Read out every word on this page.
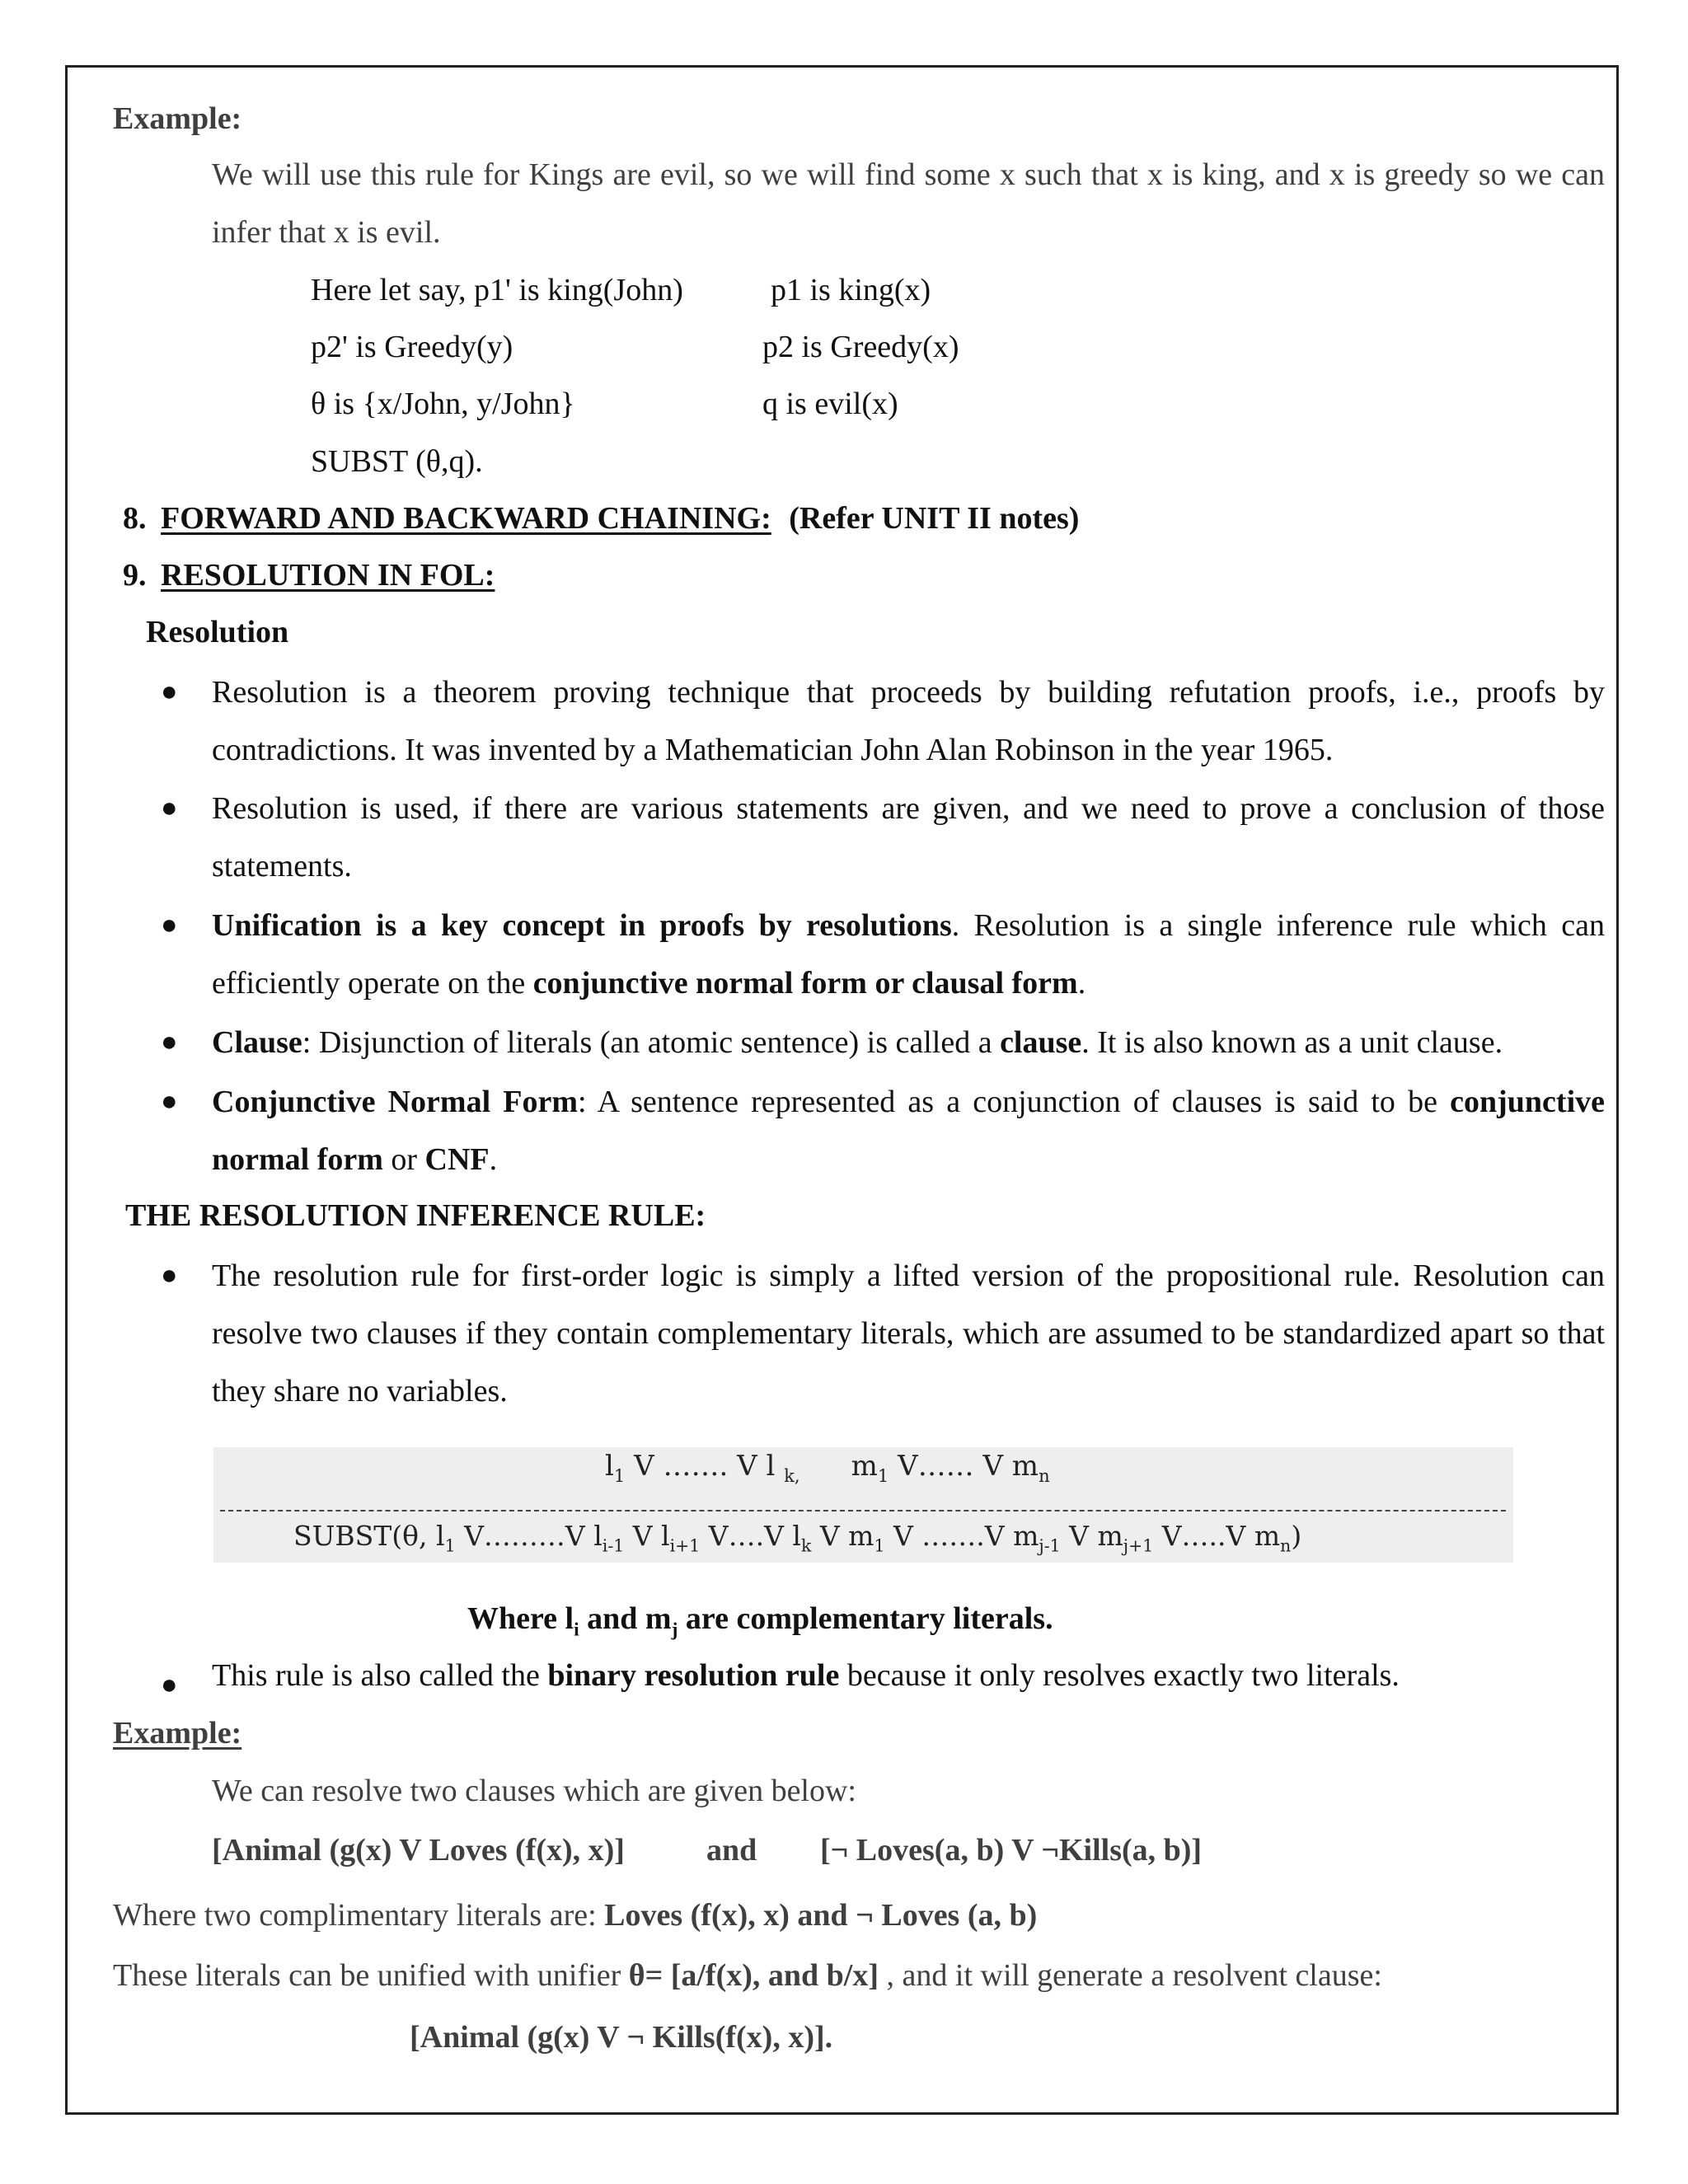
Example:
We will use this rule for Kings are evil, so we will find some x such that x is king, and x is greedy so we can infer that x is evil.
Here let say, p1' is king(John)	p1 is king(x)
p2' is Greedy(y)	p2 is Greedy(x)
θ is {x/John, y/John}	q is evil(x)
SUBST (θ,q).
8. FORWARD AND BACKWARD CHAINING: (Refer UNIT II notes)
9. RESOLUTION IN FOL:
Resolution
● Resolution is a theorem proving technique that proceeds by building refutation proofs, i.e., proofs by contradictions. It was invented by a Mathematician John Alan Robinson in the year 1965.
● Resolution is used, if there are various statements are given, and we need to prove a conclusion of those statements.
● Unification is a key concept in proofs by resolutions. Resolution is a single inference rule which can efficiently operate on the conjunctive normal form or clausal form.
● Clause: Disjunction of literals (an atomic sentence) is called a clause. It is also known as a unit clause.
● Conjunctive Normal Form: A sentence represented as a conjunction of clauses is said to be conjunctive normal form or CNF.
THE RESOLUTION INFERENCE RULE:
● The resolution rule for first-order logic is simply a lifted version of the propositional rule. Resolution can resolve two clauses if they contain complementary literals, which are assumed to be standardized apart so that they share no variables.
$l_1$ V ……. V l $_{k,}$ $m_1$ V…… V $m_n$
SUBST(θ, $l_1$ V………V $l_{i-1}$ V $l_{i+1}$ V….V $l_k$ V $m_1$ V …….V $m_{j-1}$ V $m_{j+1}$ V…..V $m_n$)
Where $l_i$ and $m_j$ are complementary literals.
● This rule is also called the binary resolution rule because it only resolves exactly two literals.
Example:
We can resolve two clauses which are given below:
[Animal (g(x) V Loves (f(x), x)]	and [¬ Loves(a, b) V ¬Kills(a, b)]
Where two complimentary literals are: Loves (f(x), x) and ¬ Loves (a, b)
These literals can be unified with unifier θ= [a/f(x), and b/x] , and it will generate a resolvent clause:
[Animal (g(x) V ¬ Kills(f(x), x)].
